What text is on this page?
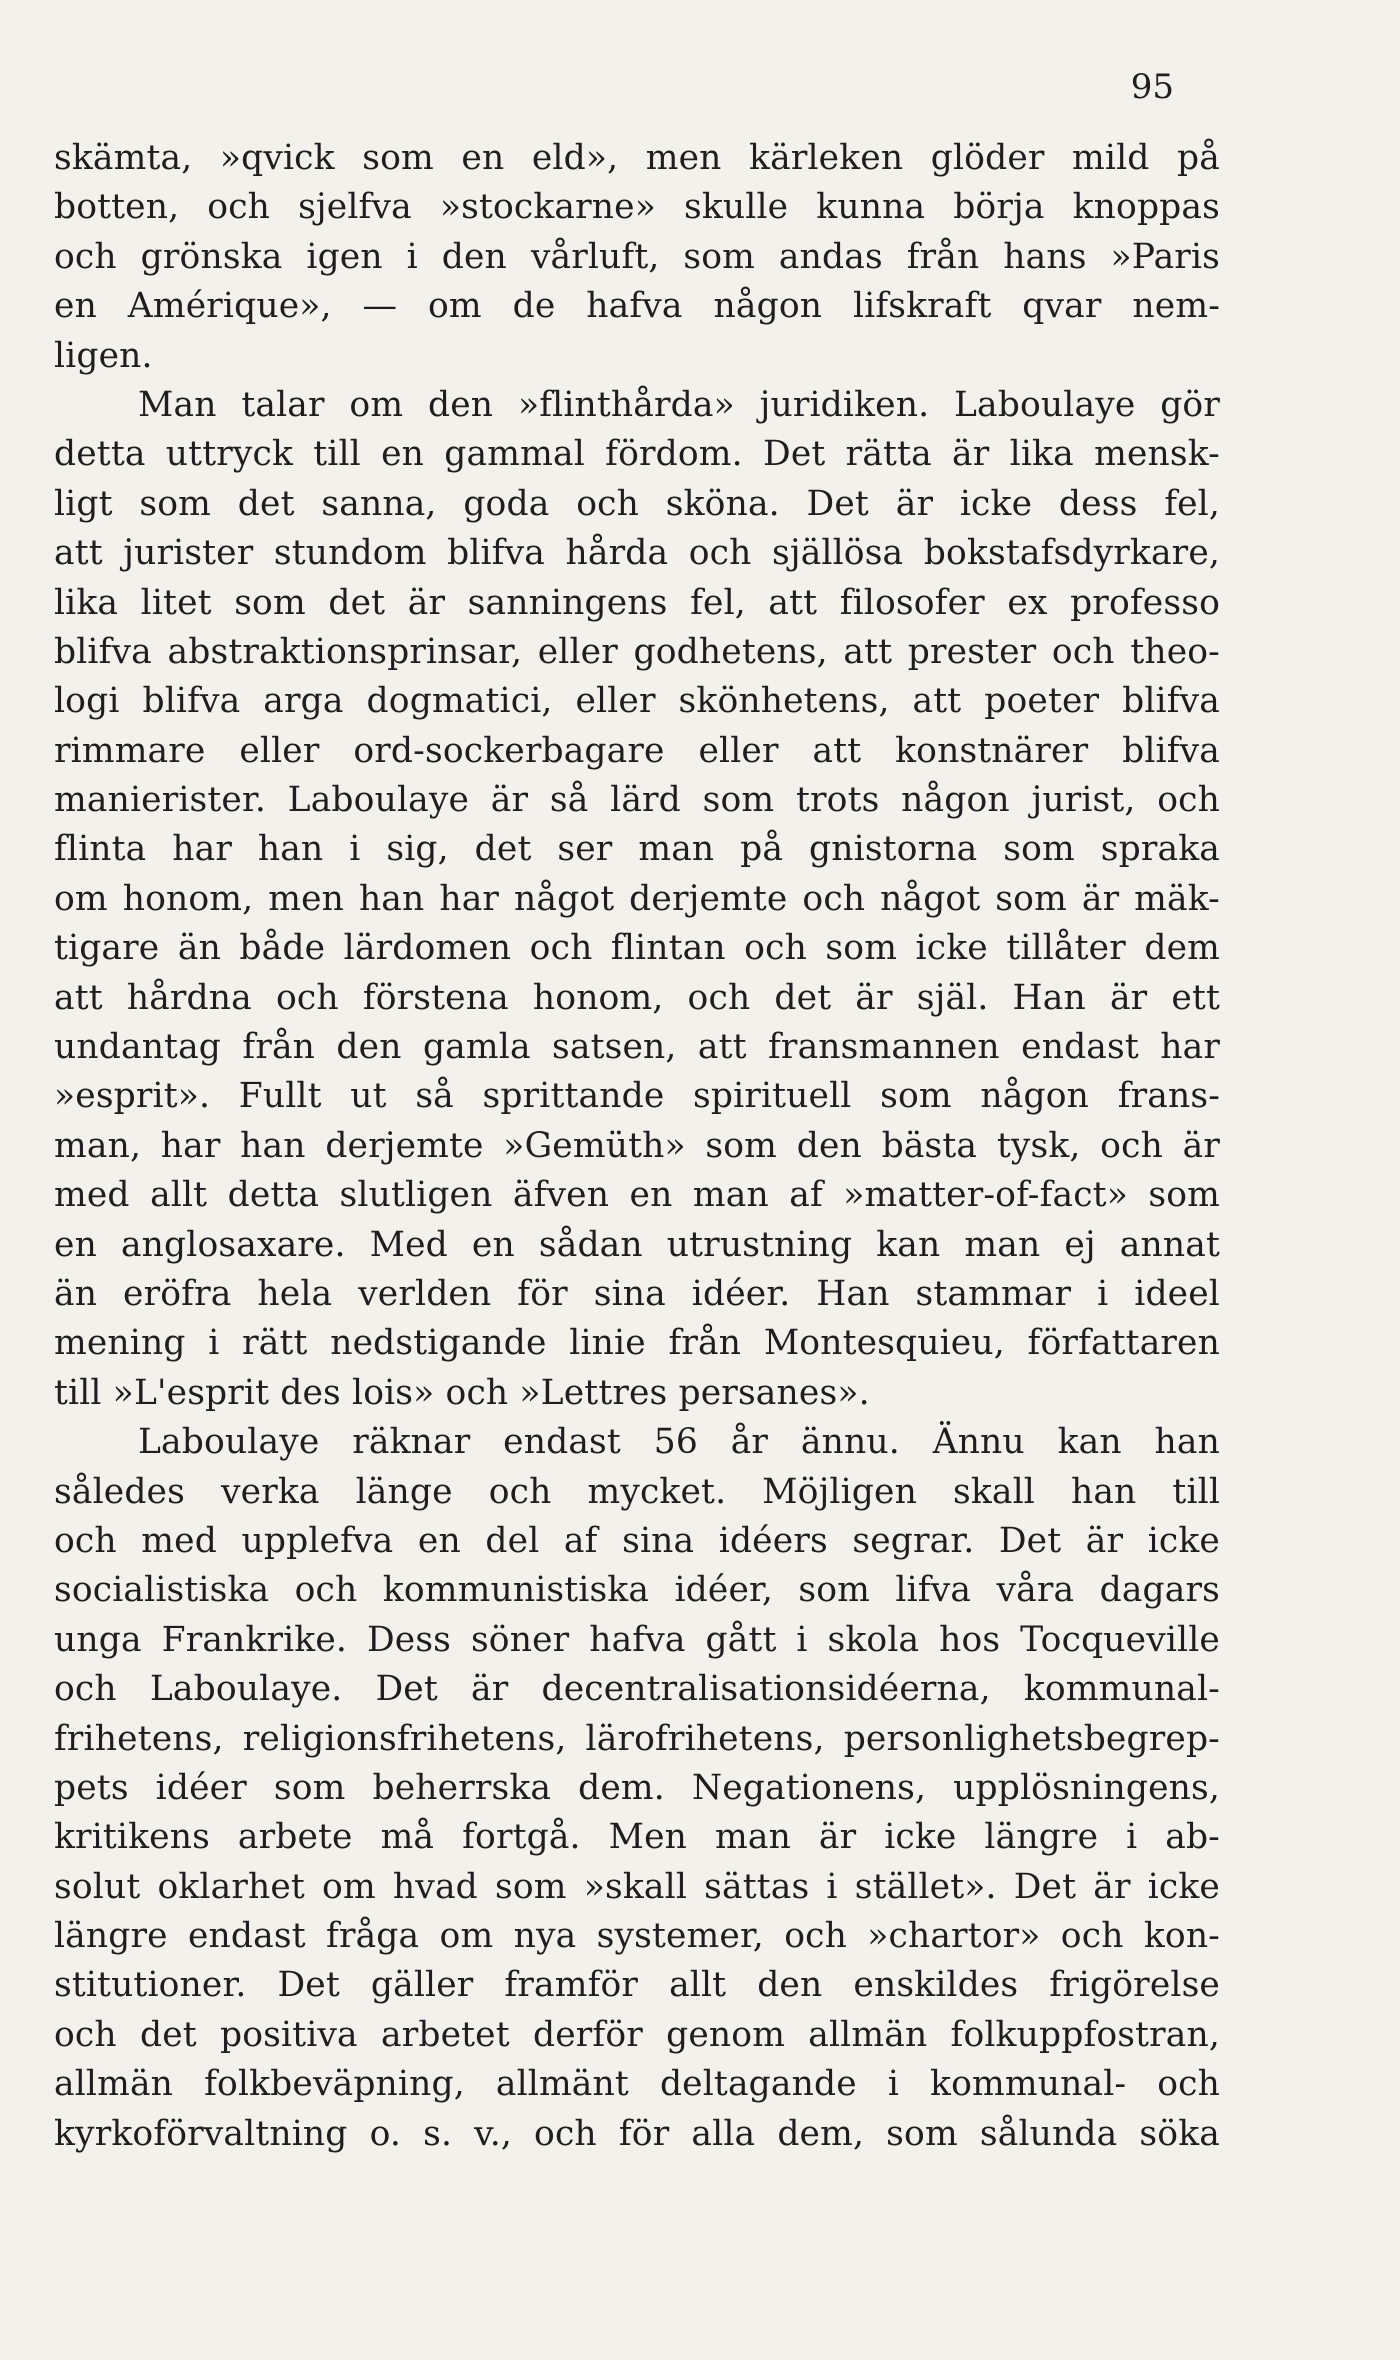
95
skämta, »qvick som en eld», men kärleken glöder mild på
botten, och sjelfva »stockarne» skulle kunna börja knoppas
och grönska igen i den vårluft, som andas från hans »Paris
en Amérique», — om de hafva någon lifskraft qvar nem-
ligen.
Man talar om den »flinthårda» juridiken. Laboulaye gör
detta uttryck till en gammal fördom. Det rätta är lika mensk-
ligt som det sanna, goda och sköna. Det är icke dess fel,
att jurister stundom blifva hårda och själlösa bokstafsdyrkare,
lika litet som det är sanningens fel, att filosofer ex professo
blifva abstraktionsprinsar, eller godhetens, att prester och theo-
logi blifva arga dogmatici, eller skönhetens, att poeter blifva
rimmare eller ord-sockerbagare eller att konstnärer blifva
manierister. Laboulaye är så lärd som trots någon jurist, och
flinta har han i sig, det ser man på gnistorna som spraka
om honom, men han har något derjemte och något som är mäk-
tigare än både lärdomen och flintan och som icke tillåter dem
att hårdna och förstena honom, och det är själ. Han är ett
undantag från den gamla satsen, att fransmannen endast har
»esprit». Fullt ut så sprittande spirituell som någon frans-
man, har han derjemte »Gemüth» som den bästa tysk, och är
med allt detta slutligen äfven en man af »matter-of-fact» som
en anglosaxare. Med en sådan utrustning kan man ej annat
än eröfra hela verlden för sina idéer. Han stammar i ideel
mening i rätt nedstigande linie från Montesquieu, författaren
till »L'esprit des lois» och »Lettres persanes».
Laboulaye räknar endast 56 år ännu. Ännu kan han
således verka länge och mycket. Möjligen skall han till
och med upplefva en del af sina idéers segrar. Det är icke
socialistiska och kommunistiska idéer, som lifva våra dagars
unga Frankrike. Dess söner hafva gått i skola hos Tocqueville
och Laboulaye. Det är decentralisationsidéerna, kommunal-
frihetens, religionsfrihetens, lärofrihetens, personlighetsbegrep-
pets idéer som beherrska dem. Negationens, upplösningens,
kritikens arbete må fortgå. Men man är icke längre i ab-
solut oklarhet om hvad som »skall sättas i stället». Det är icke
längre endast fråga om nya systemer, och »chartor» och kon-
stitutioner. Det gäller framför allt den enskildes frigörelse
och det positiva arbetet derför genom allmän folkuppfostran,
allmän folkbeväpning, allmänt deltagande i kommunal- och
kyrkoförvaltning o. s. v., och för alla dem, som sålunda söka
